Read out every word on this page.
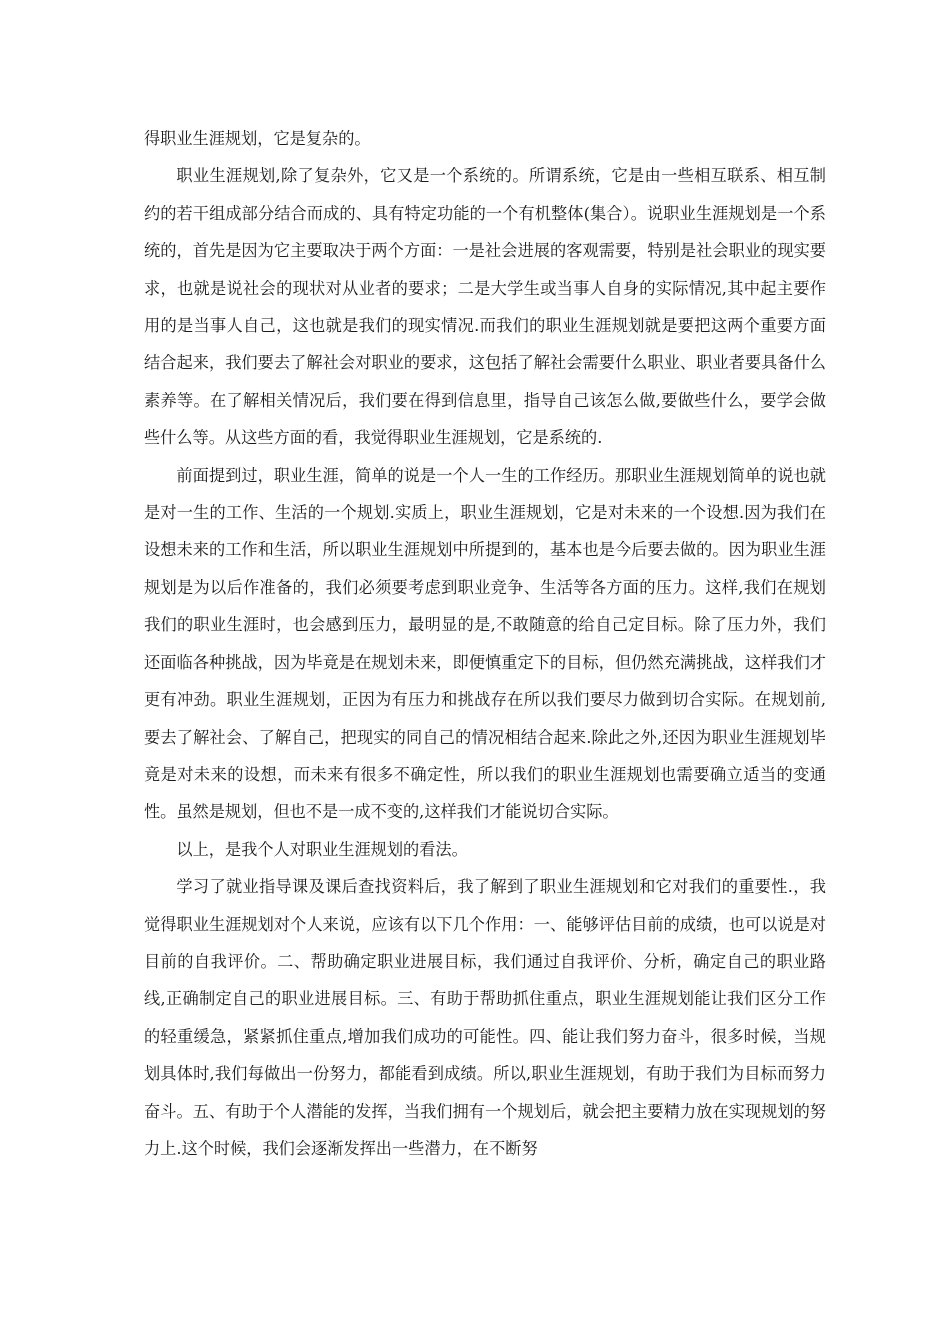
得职业生涯规划，它是复杂的。

职业生涯规划,除了复杂外，它又是一个系统的。所谓系统，它是由一些相互联系、相互制约的若干组成部分结合而成的、具有特定功能的一个有机整体(集合）。说职业生涯规划是一个系统的，首先是因为它主要取决于两个方面：一是社会进展的客观需要，特别是社会职业的现实要求，也就是说社会的现状对从业者的要求；二是大学生或当事人自身的实际情况,其中起主要作用的是当事人自己，这也就是我们的现实情况.而我们的职业生涯规划就是要把这两个重要方面结合起来，我们要去了解社会对职业的要求，这包括了解社会需要什么职业、职业者要具备什么素养等。在了解相关情况后，我们要在得到信息里，指导自己该怎么做,要做些什么，要学会做些什么等。从这些方面的看，我觉得职业生涯规划，它是系统的.

前面提到过，职业生涯，简单的说是一个人一生的工作经历。那职业生涯规划简单的说也就是对一生的工作、生活的一个规划.实质上，职业生涯规划，它是对未来的一个设想.因为我们在设想未来的工作和生活，所以职业生涯规划中所提到的，基本也是今后要去做的。因为职业生涯规划是为以后作准备的，我们必须要考虑到职业竞争、生活等各方面的压力。这样,我们在规划我们的职业生涯时，也会感到压力，最明显的是,不敢随意的给自己定目标。除了压力外，我们还面临各种挑战，因为毕竟是在规划未来，即便慎重定下的目标，但仍然充满挑战，这样我们才更有冲劲。职业生涯规划，正因为有压力和挑战存在所以我们要尽力做到切合实际。在规划前,要去了解社会、了解自己，把现实的同自己的情况相结合起来.除此之外,还因为职业生涯规划毕竟是对未来的设想，而未来有很多不确定性，所以我们的职业生涯规划也需要确立适当的变通性。虽然是规划，但也不是一成不变的,这样我们才能说切合实际。

以上，是我个人对职业生涯规划的看法。

学习了就业指导课及课后查找资料后，我了解到了职业生涯规划和它对我们的重要性.，我觉得职业生涯规划对个人来说，应该有以下几个作用：一、能够评估目前的成绩，也可以说是对目前的自我评价。二、帮助确定职业进展目标，我们通过自我评价、分析，确定自己的职业路线,正确制定自己的职业进展目标。三、有助于帮助抓住重点，职业生涯规划能让我们区分工作的轻重缓急，紧紧抓住重点,增加我们成功的可能性。四、能让我们努力奋斗，很多时候，当规划具体时,我们每做出一份努力，都能看到成绩。所以,职业生涯规划，有助于我们为目标而努力奋斗。五、有助于个人潜能的发挥，当我们拥有一个规划后，就会把主要精力放在实现规划的努力上.这个时候，我们会逐渐发挥出一些潜力，在不断努
